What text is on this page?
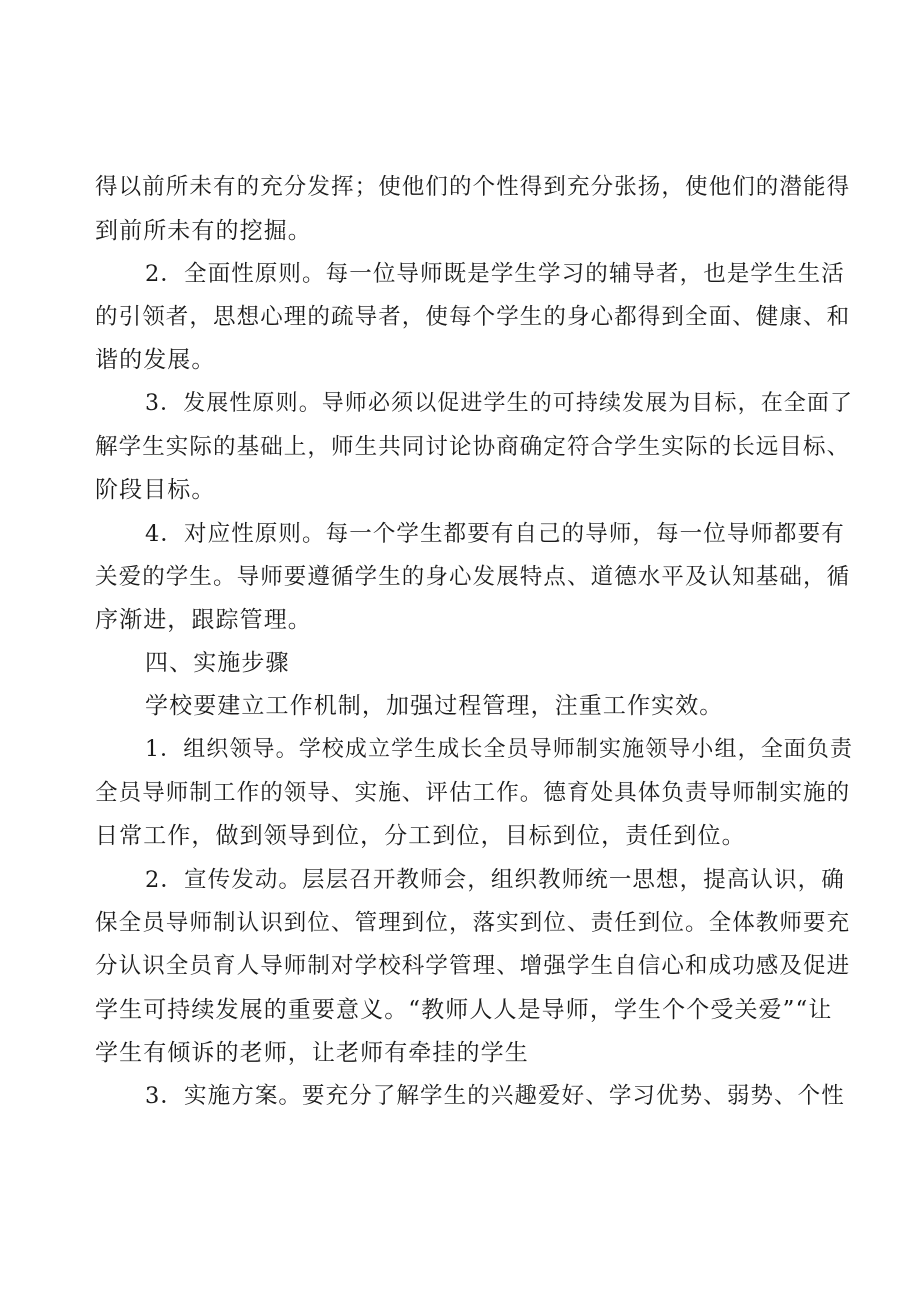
得以前所未有的充分发挥；使他们的个性得到充分张扬，使他们的潜能得
到前所未有的挖掘。
2．全面性原则。每一位导师既是学生学习的辅导者，也是学生生活
的引领者，思想心理的疏导者，使每个学生的身心都得到全面、健康、和
谐的发展。
3．发展性原则。导师必须以促进学生的可持续发展为目标，在全面了
解学生实际的基础上，师生共同讨论协商确定符合学生实际的长远目标、
阶段目标。
4．对应性原则。每一个学生都要有自己的导师，每一位导师都要有
关爱的学生。导师要遵循学生的身心发展特点、道德水平及认知基础，循
序渐进，跟踪管理。
四、实施步骤
学校要建立工作机制，加强过程管理，注重工作实效。
1．组织领导。学校成立学生成长全员导师制实施领导小组，全面负责
全员导师制工作的领导、实施、评估工作。德育处具体负责导师制实施的
日常工作，做到领导到位，分工到位，目标到位，责任到位。
2．宣传发动。层层召开教师会，组织教师统一思想，提高认识，确
保全员导师制认识到位、管理到位，落实到位、责任到位。全体教师要充
分认识全员育人导师制对学校科学管理、增强学生自信心和成功感及促进
学生可持续发展的重要意义。“教师人人是导师，学生个个受关爱”“让
学生有倾诉的老师，让老师有牵挂的学生
3．实施方案。要充分了解学生的兴趣爱好、学习优势、弱势、个性
